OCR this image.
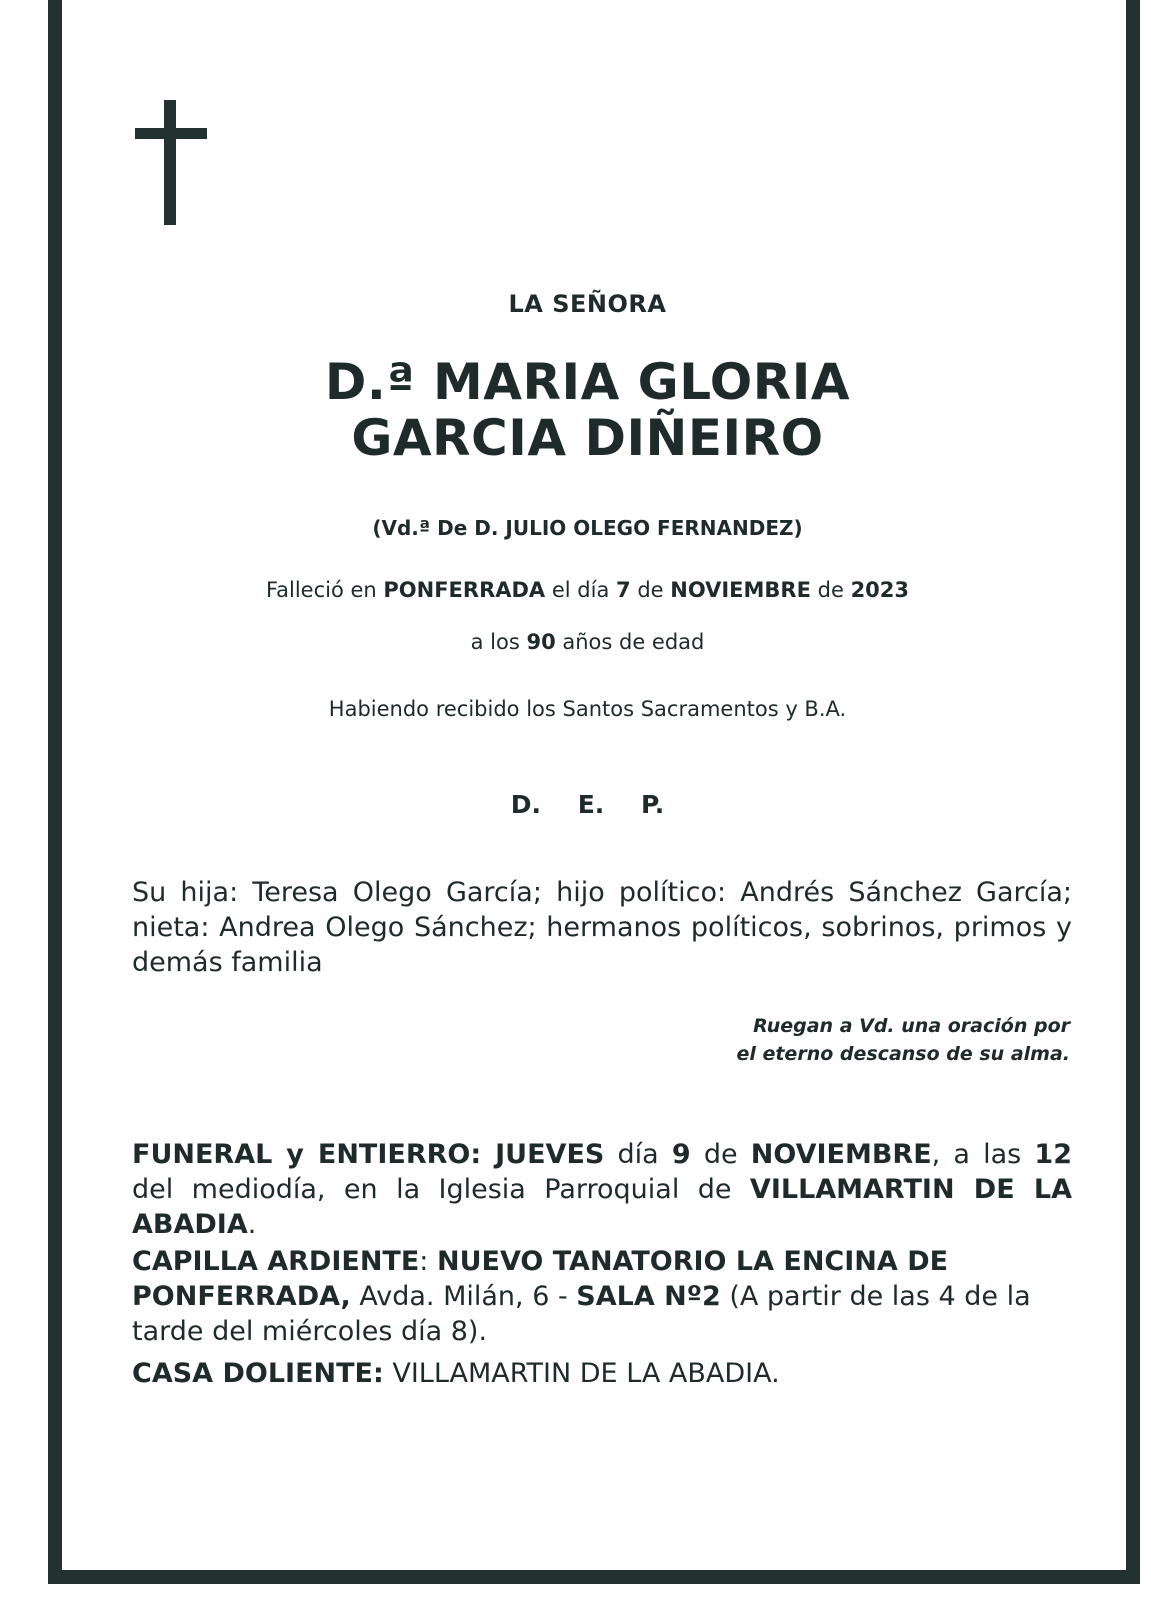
LA SEÑORA
D.ª MARIA GLORIA
GARCIA DIÑEIRO
(Vd.ª De D. JULIO OLEGO FERNANDEZ)
Falleció en PONFERRADA el día 7 de NOVIEMBRE de 2023
a los 90 años de edad
Habiendo recibido los Santos Sacramentos y B.A.
D. E. P.
Su hija: Teresa Olego García; hijo político: Andrés Sánchez García; nieta: Andrea Olego Sánchez; hermanos políticos, sobrinos, primos y demás familia
Ruegan a Vd. una oración por
el eterno descanso de su alma.
FUNERAL y ENTIERRO: JUEVES día 9 de NOVIEMBRE, a las 12 del mediodía, en la Iglesia Parroquial de VILLAMARTIN DE LA ABADIA.
CAPILLA ARDIENTE: NUEVO TANATORIO LA ENCINA DE PONFERRADA, Avda. Milán, 6 - SALA Nº2 (A partir de las 4 de la tarde del miércoles día 8).
CASA DOLIENTE: VILLAMARTIN DE LA ABADIA.
